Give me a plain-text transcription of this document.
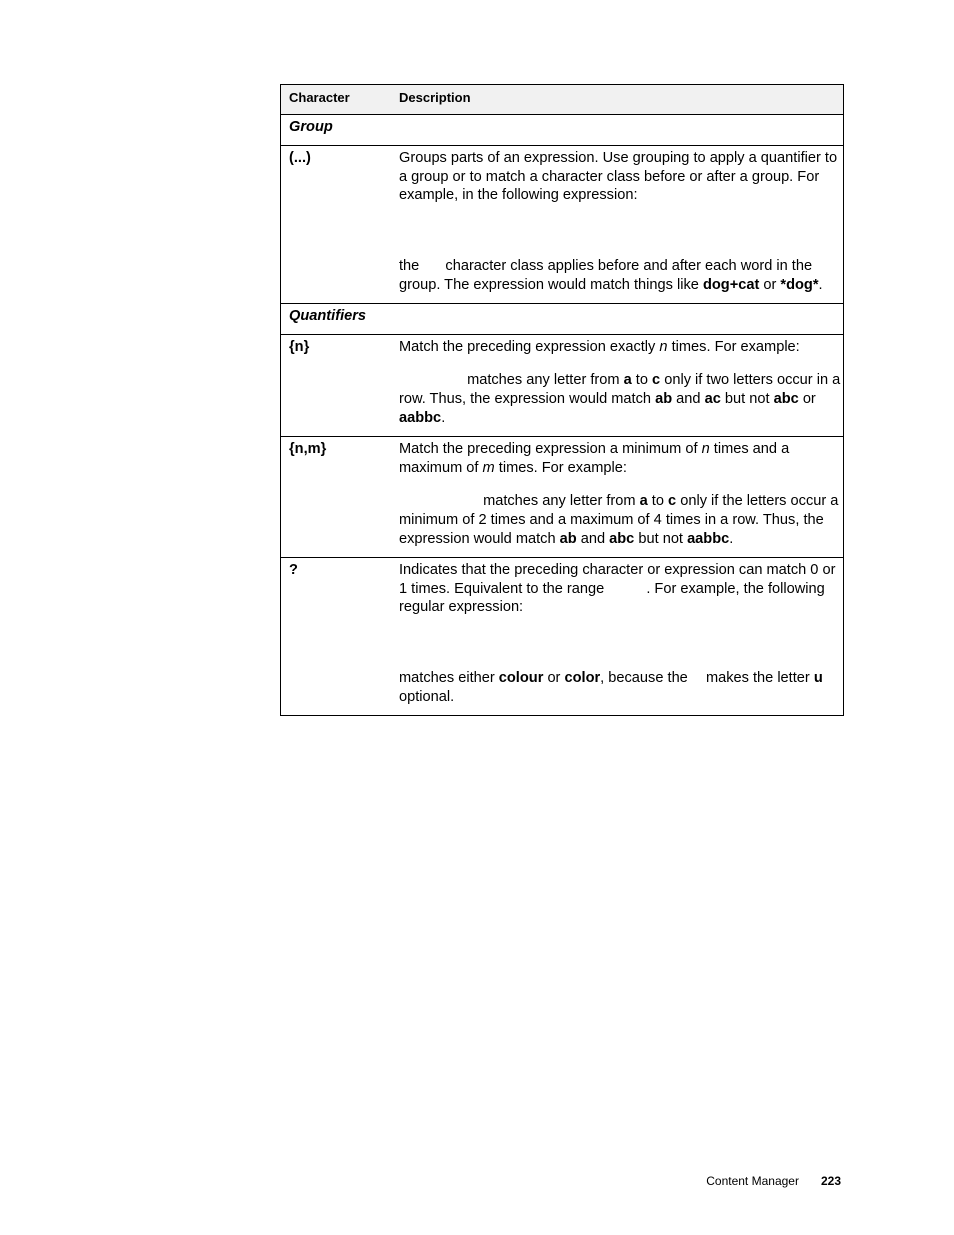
Character	Description
Group	
(...)	Groups parts of an expression. Use grouping to apply a quantifier to a group or to match a character class before or after a group. For example, in the following expression:

the character class applies before and after each word in the group. The expression would match things like dog+cat or *dog*.

Quantifiers	
{n}	Match the preceding expression exactly n times. For example:

matches any letter from a to c only if two letters occur in a row. Thus, the expression would match ab and ac but not abc or aabbc.

{n,m}	Match the preceding expression a minimum of n times and a maximum of m times. For example:

matches any letter from a to c only if the letters occur a minimum of 2 times and a maximum of 4 times in a row. Thus, the expression would match ab and abc but not aabbc.

?	Indicates that the preceding character or expression can match 0 or 1 times. Equivalent to the range . For example, the following regular expression:

matches either colour or color, because the makes the letter u optional.

Content Manager 223
